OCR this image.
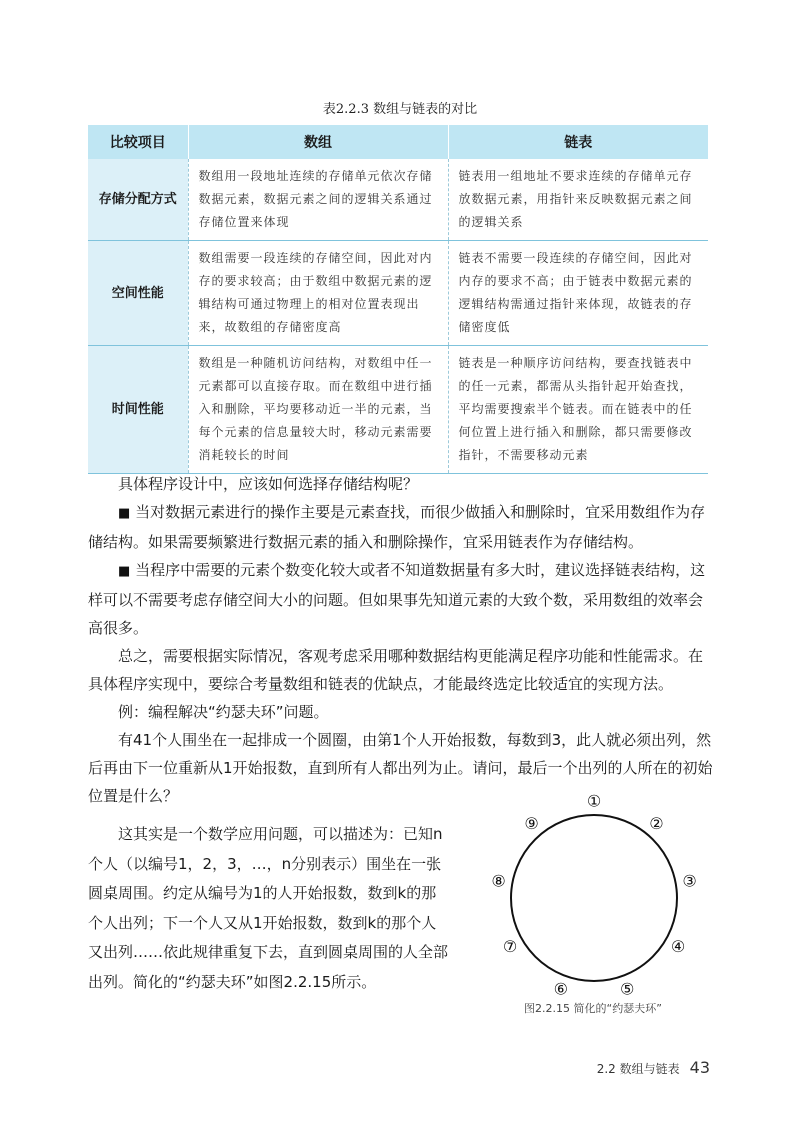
表2.2.3 数组与链表的对比
比较项目	数组	链表
存储分配方式	数组用一段地址连续的存储单元依次存储数据元素，数据元素之间的逻辑关系通过存储位置来体现	链表用一组地址不要求连续的存储单元存放数据元素，用指针来反映数据元素之间的逻辑关系
空间性能	数组需要一段连续的存储空间，因此对内存的要求较高；由于数组中数据元素的逻辑结构可通过物理上的相对位置表现出来，故数组的存储密度高	链表不需要一段连续的存储空间，因此对内存的要求不高；由于链表中数据元素的逻辑结构需通过指针来体现，故链表的存储密度低
时间性能	数组是一种随机访问结构，对数组中任一元素都可以直接存取。而在数组中进行插入和删除，平均要移动近一半的元素，当每个元素的信息量较大时，移动元素需要消耗较长的时间	链表是一种顺序访问结构，要查找链表中的任一元素，都需从头指针起开始查找，平均需要搜索半个链表。而在链表中的任何位置上进行插入和删除，都只需要修改指针，不需要移动元素

具体程序设计中，应该如何选择存储结构呢？

■ 当对数据元素进行的操作主要是元素查找，而很少做插入和删除时，宜采用数组作为存储结构。如果需要频繁进行数据元素的插入和删除操作，宜采用链表作为存储结构。

■ 当程序中需要的元素个数变化较大或者不知道数据量有多大时，建议选择链表结构，这样可以不需要考虑存储空间大小的问题。但如果事先知道元素的大致个数，采用数组的效率会高很多。

总之，需要根据实际情况，客观考虑采用哪种数据结构更能满足程序功能和性能需求。在具体程序实现中，要综合考量数组和链表的优缺点，才能最终选定比较适宜的实现方法。

例：编程解决“约瑟夫环”问题。

有41个人围坐在一起排成一个圆圈，由第1个人开始报数，每数到3，此人就必须出列，然后再由下一位重新从1开始报数，直到所有人都出列为止。请问，最后一个出列的人所在的初始位置是什么？

这其实是一个数学应用问题，可以描述为：已知n个人（以编号1，2，3，…，n分别表示）围坐在一张圆桌周围。约定从编号为1的人开始报数，数到k的那个人出列；下一个人又从1开始报数，数到k的那个人又出列……依此规律重复下去，直到圆桌周围的人全部出列。简化的“约瑟夫环”如图2.2.15所示。

①
②
③
④
⑤
⑥
⑦
⑧
⑨
图2.2.15 简化的“约瑟夫环”
2.2 数组与链表 43
